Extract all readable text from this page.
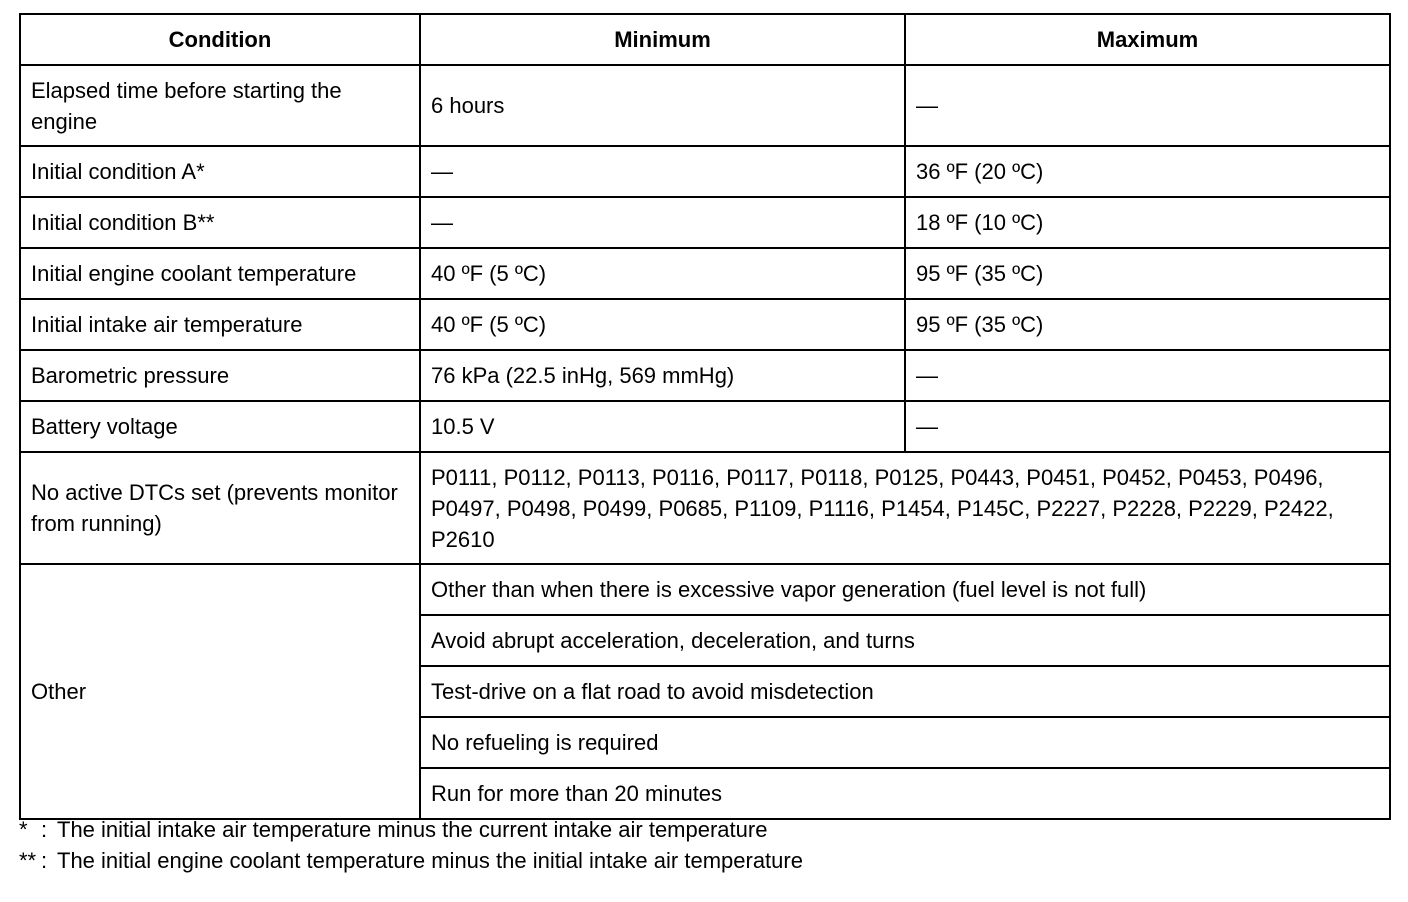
Condition	Minimum	Maximum
Elapsed time before starting the engine	6 hours	—
Initial condition A*	—	36 ºF (20 ºC)
Initial condition B**	—	18 ºF (10 ºC)
Initial engine coolant temperature	40 ºF (5 ºC)	95 ºF (35 ºC)
Initial intake air temperature	40 ºF (5 ºC)	95 ºF (35 ºC)
Barometric pressure	76 kPa (22.5 inHg, 569 mmHg)	—
Battery voltage	10.5 V	—
No active DTCs set (prevents monitor from running)	P0111, P0112, P0113, P0116, P0117, P0118, P0125, P0443, P0451, P0452, P0453, P0496, P0497, P0498, P0499, P0685, P1109, P1116, P1454, P145C, P2227, P2228, P2229, P2422, P2610	
Other	Other than when there is excessive vapor generation (fuel level is not full)	
	Avoid abrupt acceleration, deceleration, and turns	
	Test-drive on a flat road to avoid misdetection	
	No refueling is required	
	Run for more than 20 minutes	
* : The initial intake air temperature minus the current intake air temperature
** : The initial engine coolant temperature minus the initial intake air temperature
